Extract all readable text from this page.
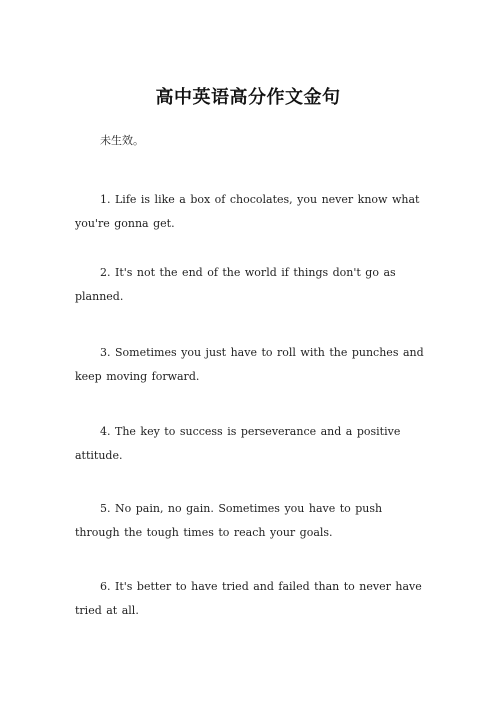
高中英语高分作文金句
未生效。

1. Life is like a box of chocolates, you never know what you're gonna get.

2. It's not the end of the world if things don't go as planned.

3. Sometimes you just have to roll with the punches and keep moving forward.

4. The key to success is perseverance and a positive attitude.

5. No pain, no gain. Sometimes you have to push through the tough times to reach your goals.

6. It's better to have tried and failed than to never have tried at all.
